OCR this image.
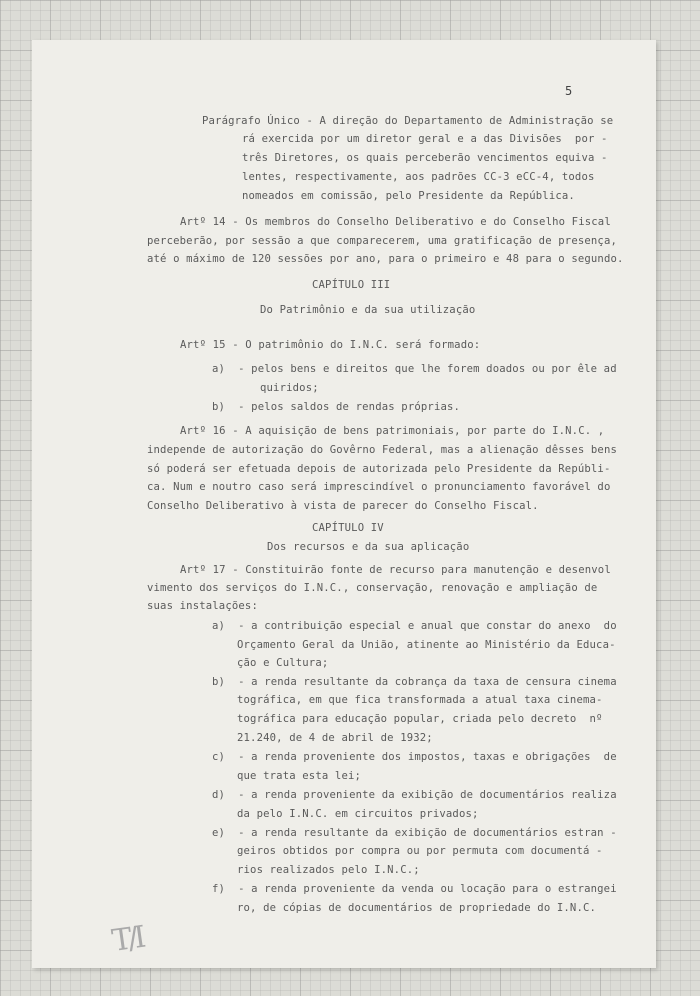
5
Parágrafo Único - A direção do Departamento de Administração se
rá exercida por um diretor geral e a das Divisões  por -
três Diretores, os quais perceberão vencimentos equiva -
lentes, respectivamente, aos padrões CC-3 eCC-4, todos
nomeados em comissão, pelo Presidente da República.
Artº 14 - Os membros do Conselho Deliberativo e do Conselho Fiscal
perceberão, por sessão a que comparecerem, uma gratificação de presença,
até o máximo de 120 sessões por ano, para o primeiro e 48 para o segundo.
CAPÍTULO III
Do Patrimônio e da sua utilização
Artº 15 - O patrimônio do I.N.C. será formado:
a)  - pelos bens e direitos que lhe forem doados ou por êle ad
quiridos;
b)  - pelos saldos de rendas próprias.
Artº 16 - A aquisição de bens patrimoniais, por parte do I.N.C. ,
independe de autorização do Govêrno Federal, mas a alienação dêsses bens
só poderá ser efetuada depois de autorizada pelo Presidente da Repúbli-
ca. Num e noutro caso será imprescindível o pronunciamento favorável do
Conselho Deliberativo à vista de parecer do Conselho Fiscal.
CAPÍTULO IV
Dos recursos e da sua aplicação
Artº 17 - Constituirão fonte de recurso para manutenção e desenvol
vimento dos serviços do I.N.C., conservação, renovação e ampliação de
suas instalações:
a)  - a contribuição especial e anual que constar do anexo  do
Orçamento Geral da União, atinente ao Ministério da Educa-
ção e Cultura;
b)  - a renda resultante da cobrança da taxa de censura cinema
tográfica, em que fica transformada a atual taxa cinema-
tográfica para educação popular, criada pelo decreto  nº
21.240, de 4 de abril de 1932;
c)  - a renda proveniente dos impostos, taxas e obrigações  de
que trata esta lei;
d)  - a renda proveniente da exibição de documentários realiza
da pelo I.N.C. em circuitos privados;
e)  - a renda resultante da exibição de documentários estran -
geiros obtidos por compra ou por permuta com documentá -
rios realizados pelo I.N.C.;
f)  - a renda proveniente da venda ou locação para o estrangei
ro, de cópias de documentários de propriedade do I.N.C.
T/I
